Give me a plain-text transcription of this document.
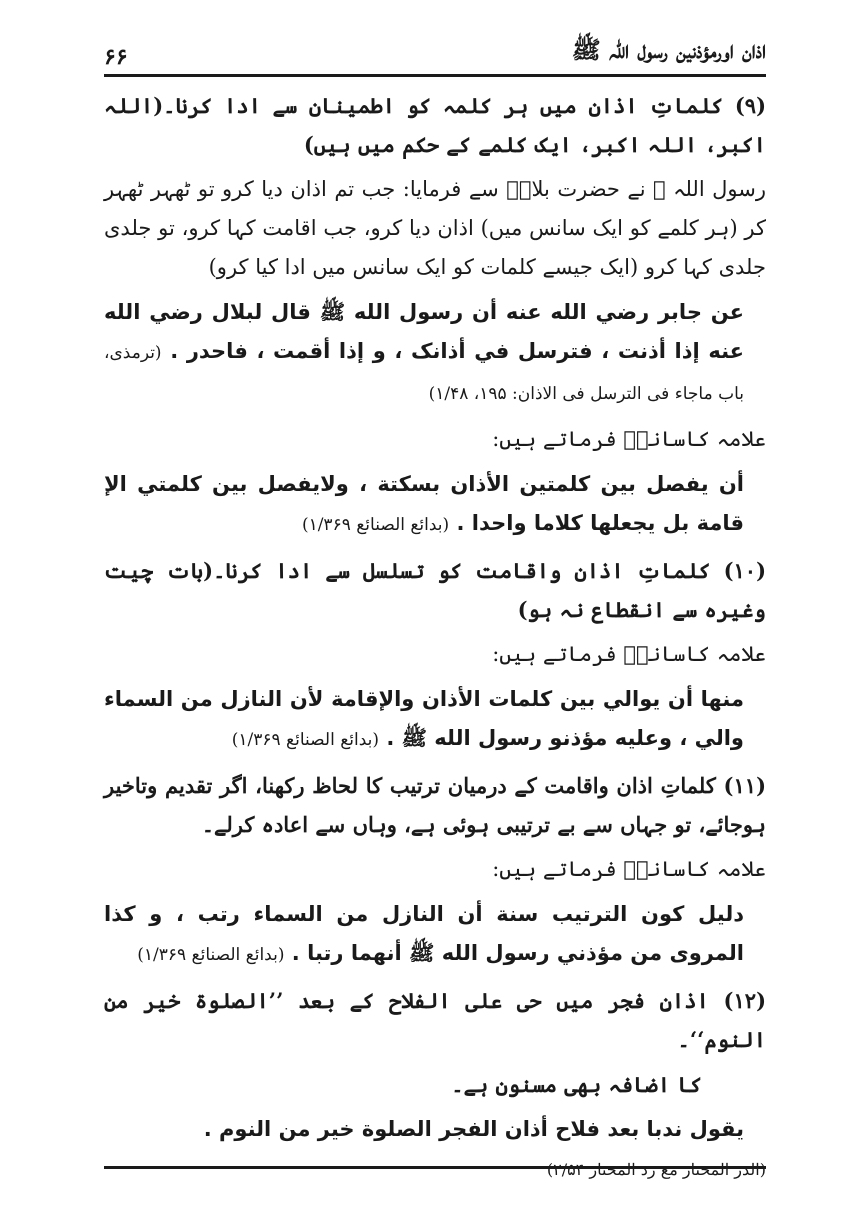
اذان اورمؤذنین رسول اللہ ﷺ
۶۶

(۹) کلماتِ اذان میں ہر کلمہ کو اطمینان سے ادا کرنا۔(اللہ اکبر، اللہ اکبر، ایک کلمے کے حکم میں ہیں)

رسول اللہ ﷺ نے حضرت بلالؓ سے فرمایا: جب تم اذان دیا کرو تو ٹھہر ٹھہر کر (ہر کلمے کو ایک سانس میں) اذان دیا کرو، جب اقامت کہا کرو، تو جلدی جلدی کہا کرو (ایک جیسے کلمات کو ایک سانس میں ادا کیا کرو)

عن جابر رضي الله عنه أن رسول الله ﷺ قال لبلال رضي الله عنه إذا أذنت ، فترسل في أذانک ، و إذا أقمت ، فاحدر . (ترمذی، باب ماجاء فی الترسل فی الاذان: ۱۹۵، ۱/۴۸)

علامہ کاسانیؒ فرماتے ہیں:

أن يفصل بين كلمتين الأذان بسكتة ، ولايفصل بين كلمتي الإ قامة بل يجعلها كلاما واحدا . (بدائع الصنائع ۱/۳۶۹)

(۱۰) کلماتِ اذان واقامت کو تسلسل سے ادا کرنا۔(بات چیت وغیرہ سے انقطاع نہ ہو)

علامہ کاسانیؒ فرماتے ہیں:

منها أن يوالي بين كلمات الأذان والإقامة لأن النازل من السماء والي ، وعليه مؤذنو رسول الله ﷺ . (بدائع الصنائع ۱/۳۶۹)

(۱۱) کلماتِ اذان واقامت کے درمیان ترتیب کا لحاظ رکھنا، اگر تقدیم وتاخیر ہوجائے، تو جہاں سے بے ترتیبی ہوئی ہے، وہاں سے اعادہ کرلے۔

علامہ کاسانیؒ فرماتے ہیں:

دليل كون الترتيب سنة أن النازل من السماء رتب ، و كذا المروى من مؤذني رسول الله ﷺ أنهما رتبا . (بدائع الصنائع ۱/۳۶۹)

(۱۲) اذانِ فجر میں حی علی الفلاح کے بعد ’’الصلوۃ خیر من النوم‘‘۔

کا اضافہ بھی مسنون ہے۔

يقول ندبا بعد فلاح أذان الفجر الصلوة خير من النوم .

(الدر المختار مع رد المحتار ۲/۵۴)
